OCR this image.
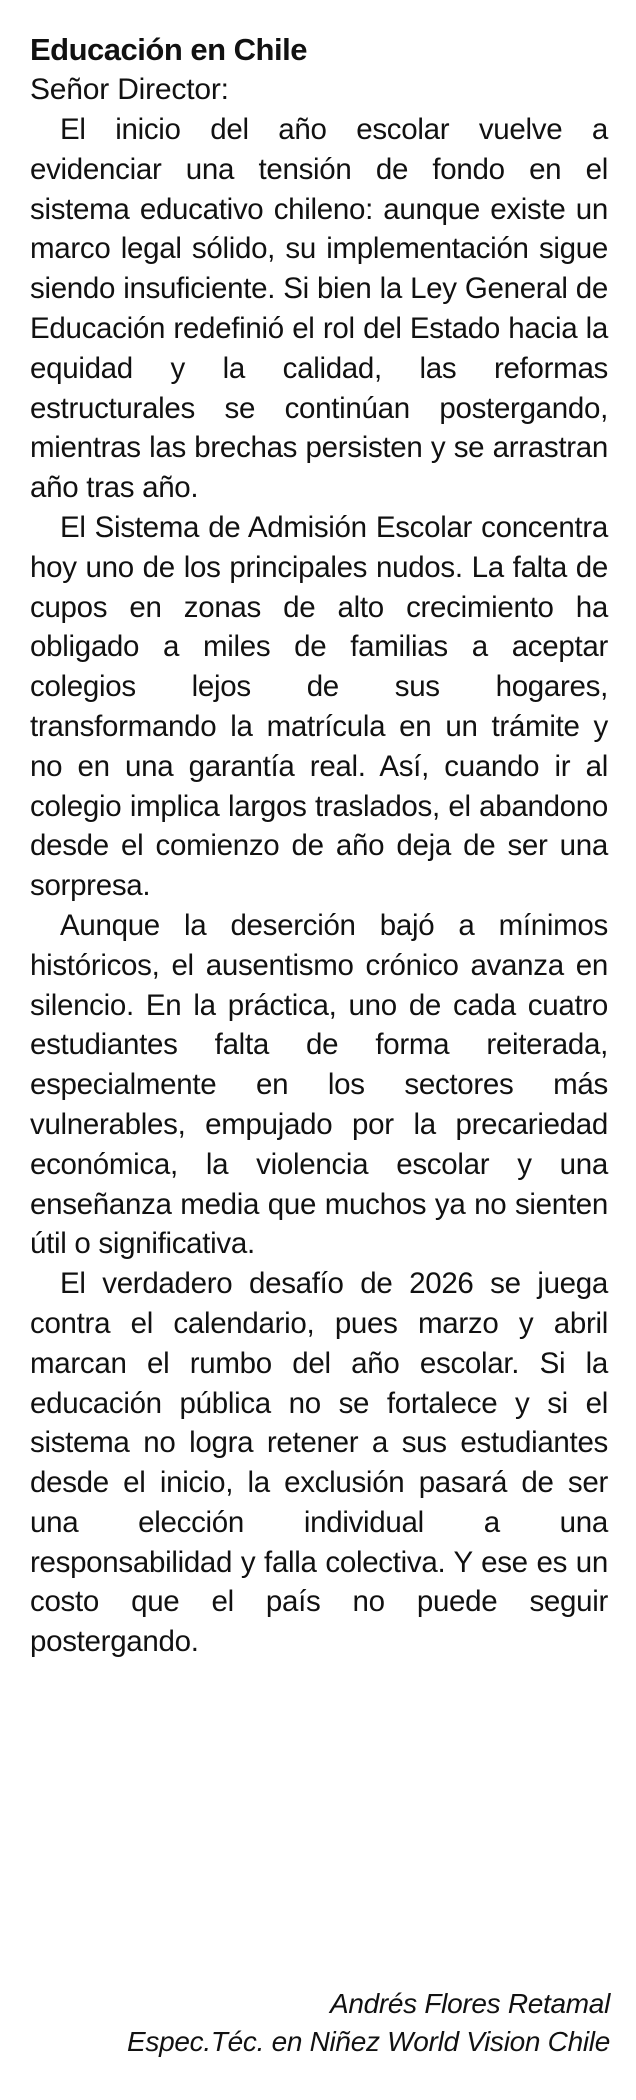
Educación en Chile

Señor Director:

El inicio del año escolar vuelve a evidenciar una tensión de fondo en el sistema educativo chileno: aunque existe un marco legal sólido, su implementación sigue siendo insuficiente. Si bien la Ley General de Educación redefinió el rol del Estado hacia la equidad y la calidad, las reformas estructurales se continúan postergando, mientras las brechas persisten y se arrastran año tras año.

El Sistema de Admisión Escolar concentra hoy uno de los principales nudos. La falta de cupos en zonas de alto crecimiento ha obligado a miles de familias a aceptar colegios lejos de sus hogares, transformando la matrícula en un trámite y no en una garantía real. Así, cuando ir al colegio implica largos traslados, el abandono desde el comienzo de año deja de ser una sorpresa.

Aunque la deserción bajó a mínimos históricos, el ausentismo crónico avanza en silencio. En la práctica, uno de cada cuatro estudiantes falta de forma reiterada, especialmente en los sectores más vulnerables, empujado por la precariedad económica, la violencia escolar y una enseñanza media que muchos ya no sienten útil o significativa.

El verdadero desafío de 2026 se juega contra el calendario, pues marzo y abril marcan el rumbo del año escolar. Si la educación pública no se fortalece y si el sistema no logra retener a sus estudiantes desde el inicio, la exclusión pasará de ser una elección individual a una responsabilidad y falla colectiva. Y ese es un costo que el país no puede seguir postergando.

Andrés Flores Retamal
Espec.Téc. en Niñez World Vision Chile
